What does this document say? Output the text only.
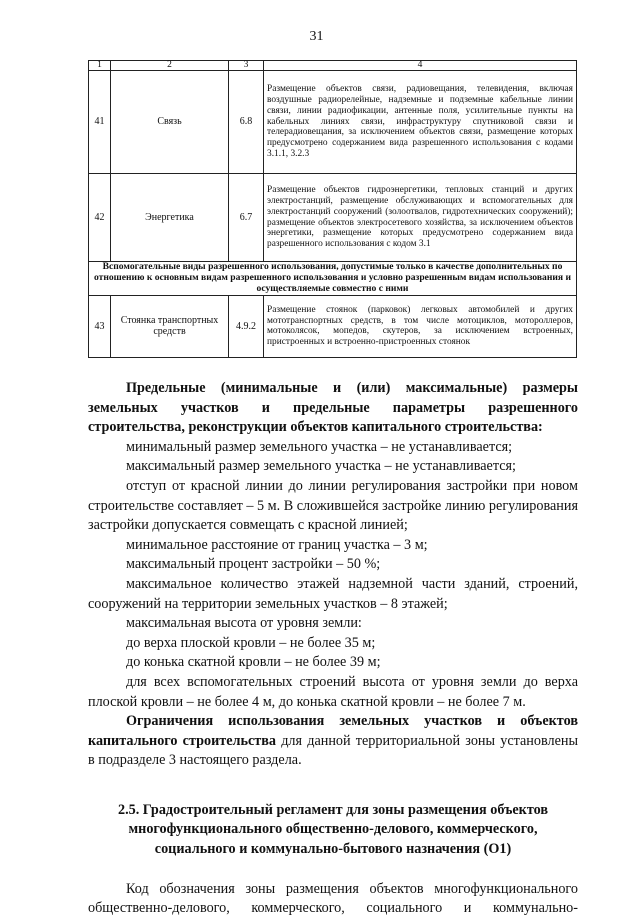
31
1	2	3	4
41	Связь	6.8	Размещение объектов связи, радиовещания, телевидения, включая воздушные радиорелейные, надземные и подземные кабельные линии связи, линии радиофикации, антенные поля, усилительные пункты на кабельных линиях связи, инфраструктуру спутниковой связи и телерадиовещания, за исключением объектов связи, размещение которых предусмотрено содержанием вида разрешенного использования с кодами 3.1.1, 3.2.3
42	Энергетика	6.7	Размещение объектов гидроэнергетики, тепловых станций и других электростанций, размещение обслуживающих и вспомогательных для электростанций сооружений (золоотвалов, гидротехнических сооружений); размещение объектов электросетевого хозяйства, за исключением объектов энергетики, размещение которых предусмотрено содержанием вида разрешенного использования с кодом 3.1
Вспомогательные виды разрешенного использования, допустимые только в качестве дополнительных по отношению к основным видам разрешенного использования и условно разрешенным видам использования и осуществляемые совместно с ними			
43	Стоянка транспортных средств	4.9.2	Размещение стоянок (парковок) легковых автомобилей и других мототранспортных средств, в том числе мотоциклов, мотороллеров, мотоколясок, мопедов, скутеров, за исключением встроенных, пристроенных и встроенно-пристроенных стоянок

Предельные (минимальные и (или) максимальные) размеры земельных участков и предельные параметры разрешенного строительства, реконструкции объектов капитального строительства:

минимальный размер земельного участка – не устанавливается;

максимальный размер земельного участка – не устанавливается;

отступ от красной линии до линии регулирования застройки при новом строительстве составляет – 5 м. В сложившейся застройке линию регулирования застройки допускается совмещать с красной линией;

минимальное расстояние от границ участка – 3 м;

максимальный процент застройки – 50 %;

максимальное количество этажей надземной части зданий, строений, сооружений на территории земельных участков – 8 этажей;

максимальная высота от уровня земли:

до верха плоской кровли – не более 35 м;

до конька скатной кровли – не более 39 м;

для всех вспомогательных строений высота от уровня земли до верха плоской кровли – не более 4 м, до конька скатной кровли – не более 7 м.

Ограничения использования земельных участков и объектов капитального строительства для данной территориальной зоны установлены в подразделе 3 настоящего раздела.

2.5. Градостроительный регламент для зоны размещения объектов многофункционального общественно-делового, коммерческого, социального и коммунально-бытового назначения (О1)

Код обозначения зоны размещения объектов многофункционального общественно-делового, коммерческого, социального и коммунально-
